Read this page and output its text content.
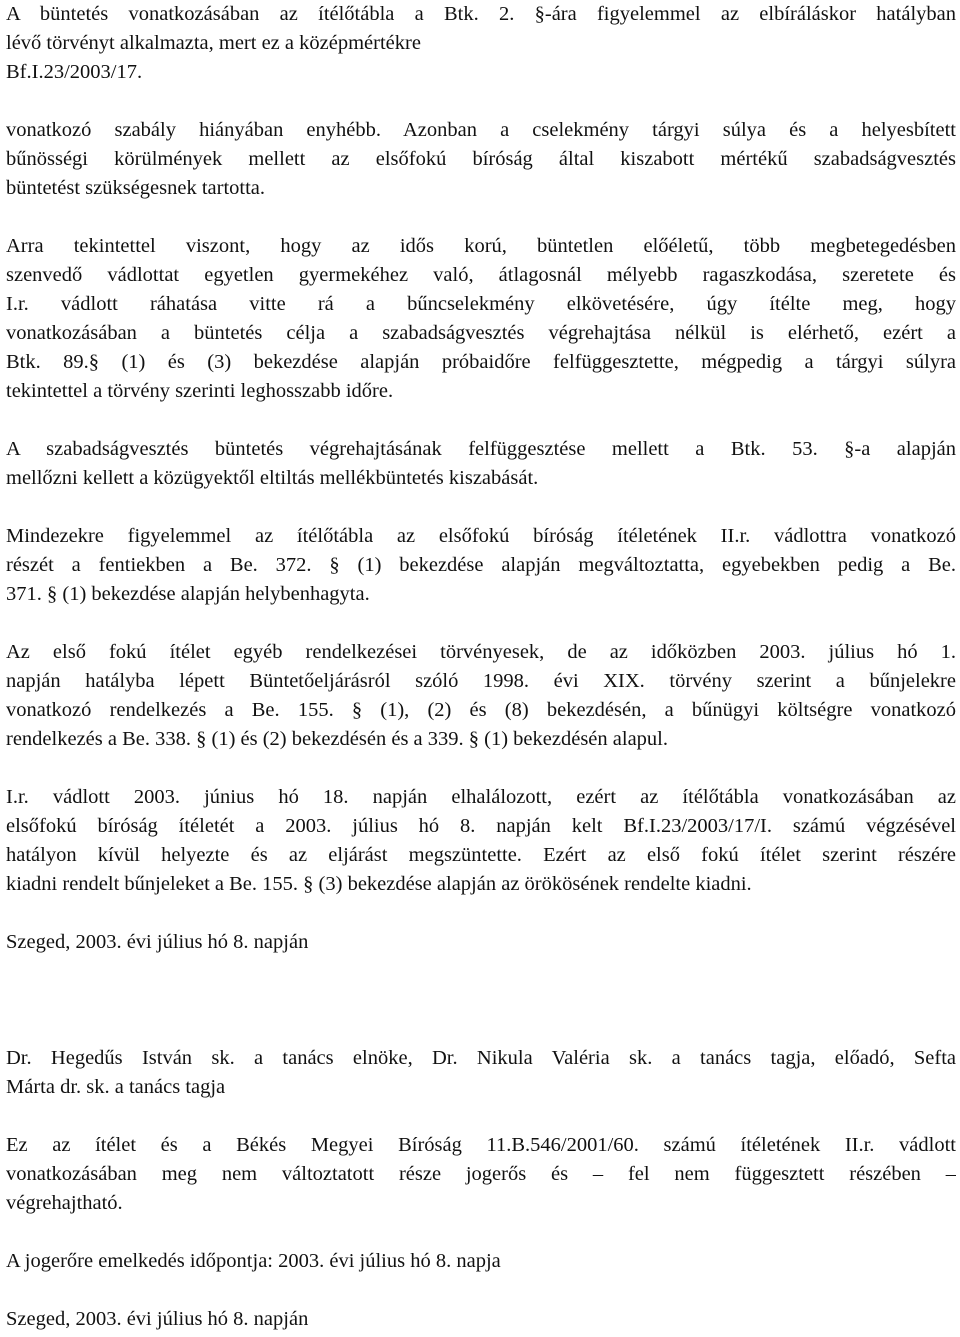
A büntetés vonatkozásában az ítélőtábla a Btk. 2. §-ára figyelemmel az elbíráláskor hatályban
lévő törvényt alkalmazta, mert ez a középmértékre
Bf.I.23/2003/17.
vonatkozó szabály hiányában enyhébb. Azonban a cselekmény tárgyi súlya és a helyesbített
bűnösségi körülmények mellett az elsőfokú bíróság által kiszabott mértékű szabadságvesztés
büntetést szükségesnek tartotta.
Arra tekintettel viszont, hogy az idős korú, büntetlen előéletű, több megbetegedésben
szenvedő vádlottat egyetlen gyermekéhez való, átlagosnál mélyebb ragaszkodása, szeretete és
I.r. vádlott ráhatása vitte rá a bűncselekmény elkövetésére, úgy ítélte meg, hogy
vonatkozásában a büntetés célja a szabadságvesztés végrehajtása nélkül is elérhető, ezért a
Btk. 89.§ (1) és (3) bekezdése alapján próbaidőre felfüggesztette, mégpedig a tárgyi súlyra
tekintettel a törvény szerinti leghosszabb időre.
A szabadságvesztés büntetés végrehajtásának felfüggesztése mellett a Btk. 53. §-a alapján
mellőzni kellett a közügyektől eltiltás mellékbüntetés kiszabását.
Mindezekre figyelemmel az ítélőtábla az elsőfokú bíróság ítéletének II.r. vádlottra vonatkozó
részét a fentiekben a Be. 372. § (1) bekezdése alapján megváltoztatta, egyebekben pedig a Be.
371. § (1) bekezdése alapján helybenhagyta.
Az első fokú ítélet egyéb rendelkezései törvényesek, de az időközben 2003. július hó 1.
napján hatályba lépett Büntetőeljárásról szóló 1998. évi XIX. törvény szerint a bűnjelekre
vonatkozó rendelkezés a Be. 155. § (1), (2) és (8) bekezdésén, a bűnügyi költségre vonatkozó
rendelkezés a Be. 338. § (1) és (2) bekezdésén és a 339. § (1) bekezdésén alapul.
I.r. vádlott 2003. június hó 18. napján elhalálozott, ezért az ítélőtábla vonatkozásában az
elsőfokú bíróság ítéletét a 2003. július hó 8. napján kelt Bf.I.23/2003/17/I. számú végzésével
hatályon kívül helyezte és az eljárást megszüntette. Ezért az első fokú ítélet szerint részére
kiadni rendelt bűnjeleket a Be. 155. § (3) bekezdése alapján az örökösének rendelte kiadni.
Szeged, 2003. évi július hó 8. napján
Dr. Hegedűs István sk. a tanács elnöke, Dr. Nikula Valéria sk. a tanács tagja, előadó, Sefta
Márta dr. sk. a tanács tagja
Ez az ítélet és a Békés Megyei Bíróság 11.B.546/2001/60. számú ítéletének II.r. vádlott
vonatkozásában meg nem változtatott része jogerős és – fel nem függesztett részében –
végrehajtható.
A jogerőre emelkedés időpontja: 2003. évi július hó 8. napja
Szeged, 2003. évi július hó 8. napján
